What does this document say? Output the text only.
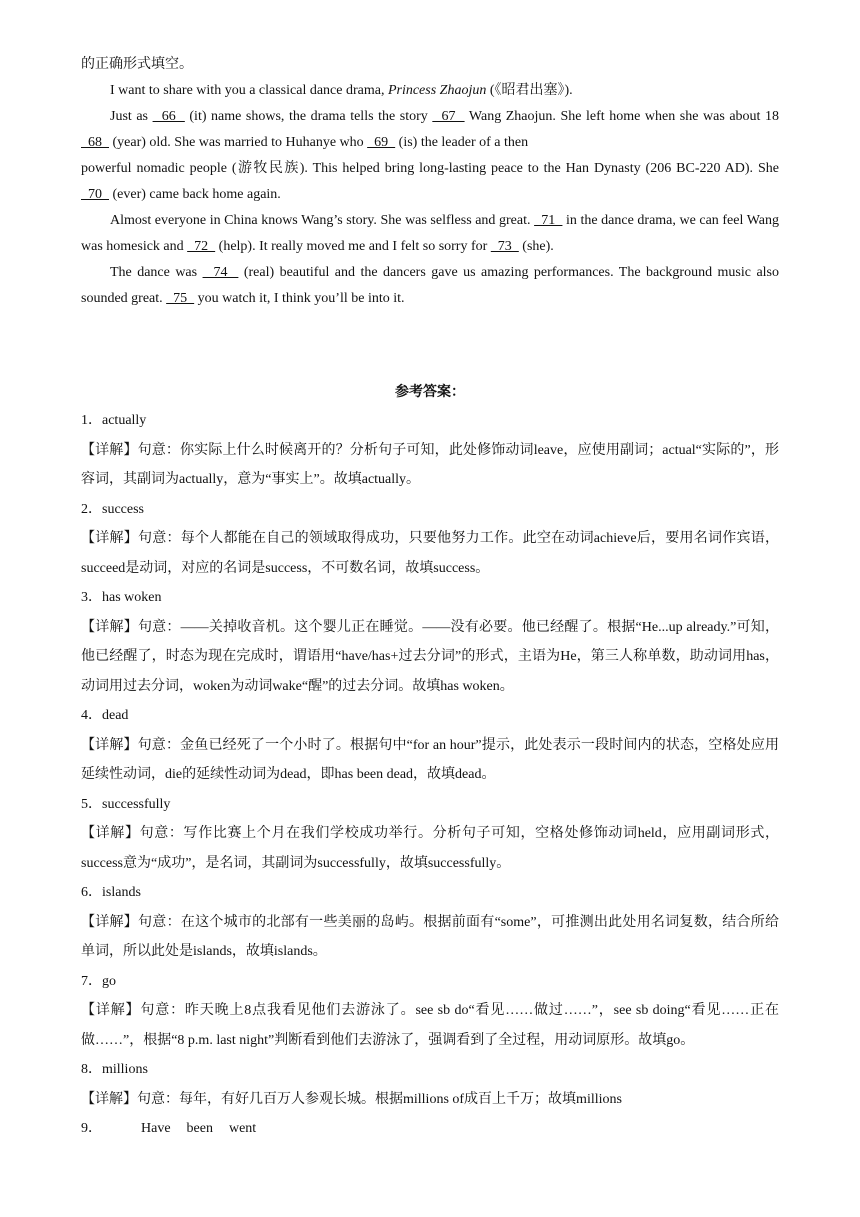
的正确形式填空。

I want to share with you a classical dance drama, Princess Zhaojun (《昭君出塞》).

Just as   66   (it) name shows, the drama tells the story   67   Wang Zhaojun. She left home when she was about 18   68   (year) old. She was married to Huhanye who   69   (is) the leader of a then

powerful nomadic people (游牧民族). This helped bring long-lasting peace to the Han Dynasty (206 BC-220 AD). She   70   (ever) came back home again.

Almost everyone in China knows Wang’s story. She was selfless and great.   71   in the dance drama, we can feel Wang was homesick and   72   (help). It really moved me and I felt so sorry for   73   (she).

The dance was   74   (real) beautiful and the dancers gave us amazing performances. The background music also sounded great.   75   you watch it, I think you’ll be into it.

参考答案：

1．actually

【详解】句意：你实际上什么时候离开的？分析句子可知，此处修饰动词leave，应使用副词；actual“实际的”，形容词，其副词为actually，意为“事实上”。故填actually。

2．success

【详解】句意：每个人都能在自己的领域取得成功，只要他努力工作。此空在动词achieve后，要用名词作宾语，succeed是动词，对应的名词是success，不可数名词，故填success。

3．has woken

【详解】句意：——关掉收音机。这个婴儿正在睡觉。——没有必要。他已经醒了。根据“He...up already.”可知，他已经醒了，时态为现在完成时，谓语用“have/has+过去分词”的形式，主语为He，第三人称单数，助动词用has，动词用过去分词，woken为动词wake“醒”的过去分词。故填has woken。

4．dead

【详解】句意：金鱼已经死了一个小时了。根据句中“for an hour”提示，此处表示一段时间内的状态，空格处应用延续性动词，die的延续性动词为dead，即has been dead，故填dead。

5．successfully

【详解】句意：写作比赛上个月在我们学校成功举行。分析句子可知，空格处修饰动词held，应用副词形式，success意为“成功”，是名词，其副词为successfully，故填successfully。

6．islands

【详解】句意：在这个城市的北部有一些美丽的岛屿。根据前面有“some”，可推测出此处用名词复数，结合所给单词，所以此处是islands，故填islands。

7．go

【详解】句意：昨天晚上8点我看见他们去游泳了。see sb do“看见……做过……”，see sb doing“看见……正在做……”，根据“8 p.m. last night”判断看到他们去游泳了，强调看到了全过程，用动词原形。故填go。

8．millions

【详解】句意：每年，有好几百万人参观长城。根据millions of成百上千万；故填millions

9．	Have been went
